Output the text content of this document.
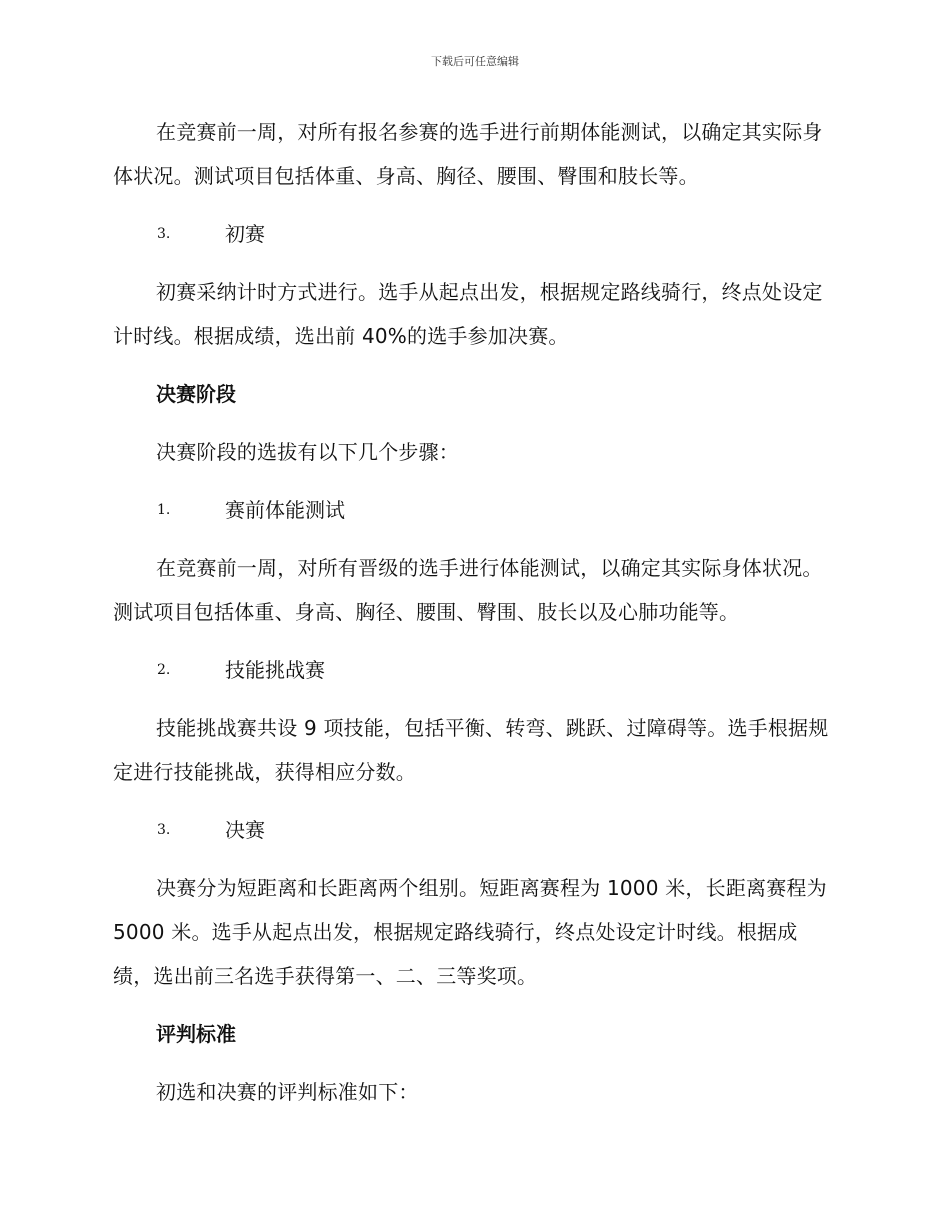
下载后可任意编辑

在竞赛前一周，对所有报名参赛的选手进行前期体能测试，以确定其实际身体状况。测试项目包括体重、身高、胸径、腰围、臀围和肢长等。

3.	初赛

初赛采纳计时方式进行。选手从起点出发，根据规定路线骑行，终点处设定计时线。根据成绩，选出前 40%的选手参加决赛。

决赛阶段

决赛阶段的选拔有以下几个步骤：

1.	赛前体能测试

在竞赛前一周，对所有晋级的选手进行体能测试，以确定其实际身体状况。测试项目包括体重、身高、胸径、腰围、臀围、肢长以及心肺功能等。

2.	技能挑战赛

技能挑战赛共设 9 项技能，包括平衡、转弯、跳跃、过障碍等。选手根据规定进行技能挑战，获得相应分数。

3.	决赛

决赛分为短距离和长距离两个组别。短距离赛程为 1000 米，长距离赛程为 5000 米。选手从起点出发，根据规定路线骑行，终点处设定计时线。根据成绩，选出前三名选手获得第一、二、三等奖项。

评判标准

初选和决赛的评判标准如下：
